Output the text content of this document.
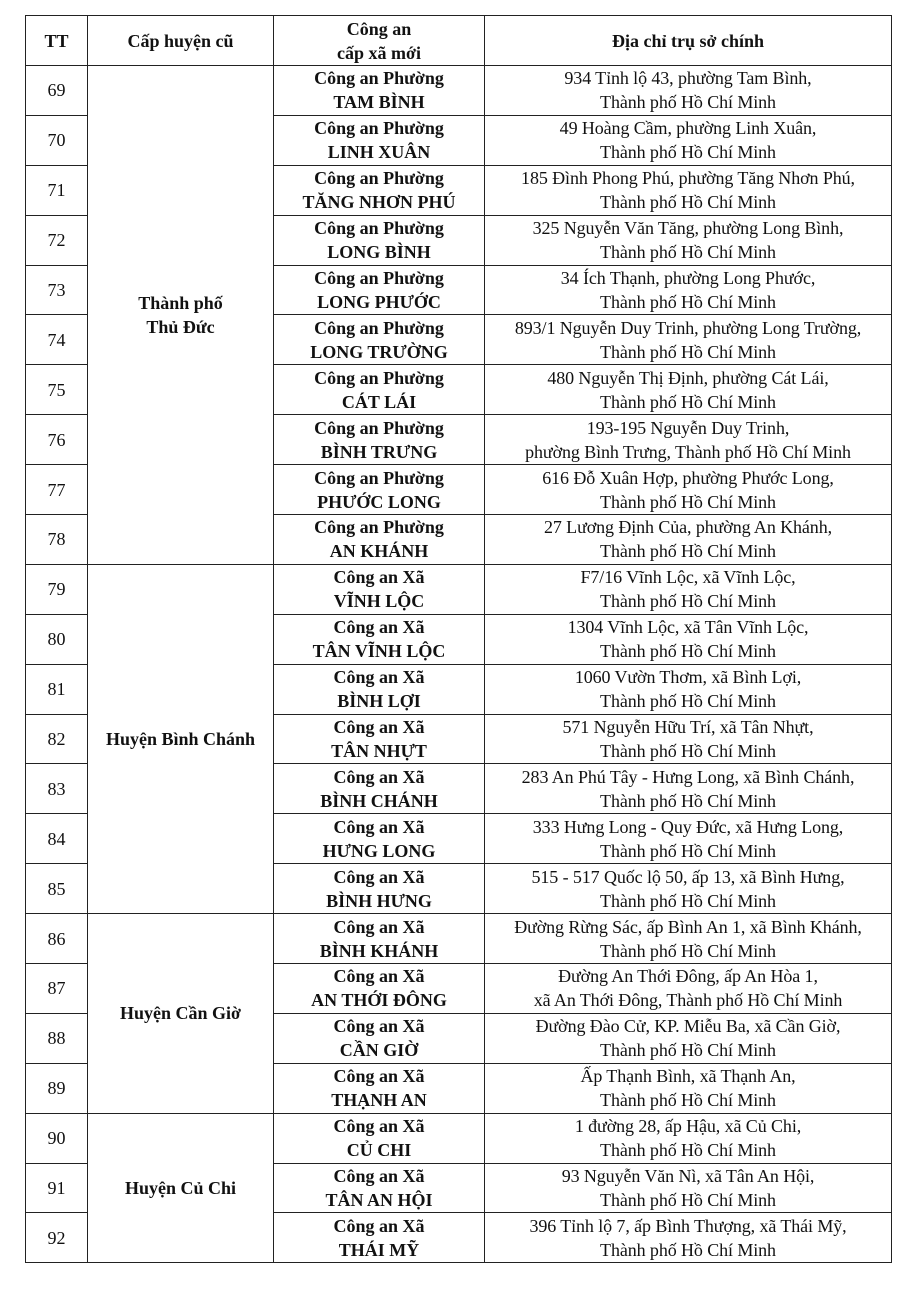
TT	Cấp huyện cũ	Công an
cấp xã mới	Địa chỉ trụ sở chính
69	Thành phố
Thủ Đức	Công an Phường
TAM BÌNH	934 Tỉnh lộ 43, phường Tam Bình,
Thành phố Hồ Chí Minh

70		Công an Phường
LINH XUÂN	49 Hoàng Cầm, phường Linh Xuân,
Thành phố Hồ Chí Minh

71		Công an Phường
TĂNG NHƠN PHÚ	185 Đình Phong Phú, phường Tăng Nhơn Phú,
Thành phố Hồ Chí Minh

72		Công an Phường
LONG BÌNH	325 Nguyễn Văn Tăng, phường Long Bình,
Thành phố Hồ Chí Minh

73		Công an Phường
LONG PHƯỚC	34 Ích Thạnh, phường Long Phước,
Thành phố Hồ Chí Minh

74		Công an Phường
LONG TRƯỜNG	893/1 Nguyễn Duy Trinh, phường Long Trường,
Thành phố Hồ Chí Minh

75		Công an Phường
CÁT LÁI	480 Nguyễn Thị Định, phường Cát Lái,
Thành phố Hồ Chí Minh

76		Công an Phường
BÌNH TRƯNG	193-195 Nguyễn Duy Trinh,
phường Bình Trưng, Thành phố Hồ Chí Minh

77		Công an Phường
PHƯỚC LONG	616 Đỗ Xuân Hợp, phường Phước Long,
Thành phố Hồ Chí Minh

78		Công an Phường
AN KHÁNH	27 Lương Định Của, phường An Khánh,
Thành phố Hồ Chí Minh

79	Huyện Bình Chánh	Công an Xã
VĨNH LỘC	F7/16 Vĩnh Lộc, xã Vĩnh Lộc,
Thành phố Hồ Chí Minh

80		Công an Xã
TÂN VĨNH LỘC	1304 Vĩnh Lộc, xã Tân Vĩnh Lộc,
Thành phố Hồ Chí Minh

81		Công an Xã
BÌNH LỢI	1060 Vườn Thơm, xã Bình Lợi,
Thành phố Hồ Chí Minh

82		Công an Xã
TÂN NHỰT	571 Nguyễn Hữu Trí, xã Tân Nhựt,
Thành phố Hồ Chí Minh

83		Công an Xã
BÌNH CHÁNH	283 An Phú Tây - Hưng Long, xã Bình Chánh,
Thành phố Hồ Chí Minh

84		Công an Xã
HƯNG LONG	333 Hưng Long - Quy Đức, xã Hưng Long,
Thành phố Hồ Chí Minh

85		Công an Xã
BÌNH HƯNG	515 - 517 Quốc lộ 50, ấp 13, xã Bình Hưng,
Thành phố Hồ Chí Minh

86	Huyện Cần Giờ	Công an Xã
BÌNH KHÁNH	Đường Rừng Sác, ấp Bình An 1, xã Bình Khánh,
Thành phố Hồ Chí Minh

87		Công an Xã
AN THỚI ĐÔNG	Đường An Thới Đông, ấp An Hòa 1,
xã An Thới Đông, Thành phố Hồ Chí Minh

88		Công an Xã
CẦN GIỜ	Đường Đào Cử, KP. Miễu Ba, xã Cần Giờ,
Thành phố Hồ Chí Minh

89		Công an Xã
THẠNH AN	Ấp Thạnh Bình, xã Thạnh An,
Thành phố Hồ Chí Minh

90	Huyện Củ Chi	Công an Xã
CỦ CHI	1 đường 28, ấp Hậu, xã Củ Chi,
Thành phố Hồ Chí Minh

91		Công an Xã
TÂN AN HỘI	93 Nguyễn Văn Nì, xã Tân An Hội,
Thành phố Hồ Chí Minh

92		Công an Xã
THÁI MỸ	396 Tỉnh lộ 7, ấp Bình Thượng, xã Thái Mỹ,
Thành phố Hồ Chí Minh
